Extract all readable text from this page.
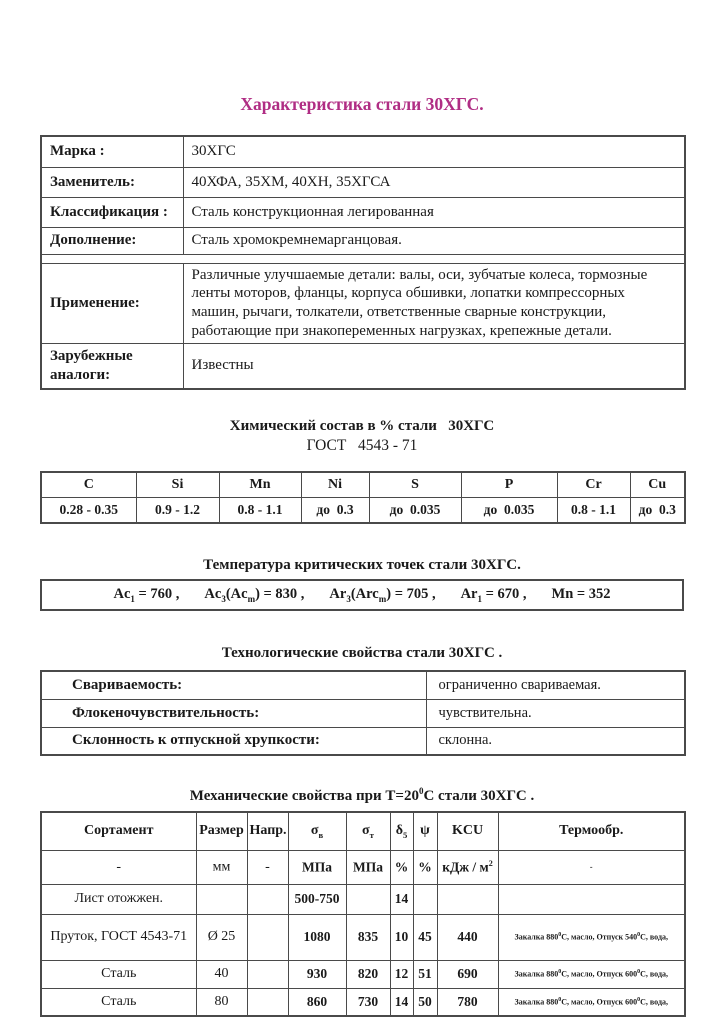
Характеристика стали 30ХГС.
Марка :	30ХГС
Заменитель:	40ХФА, 35ХМ, 40ХН, 35ХГСА
Классификация :	Сталь конструкционная легированная
Дополнение:	Сталь хромокремнемарганцовая.

Применение:	Различные улучшаемые детали: валы, оси, зубчатые колеса, тормозные ленты моторов, фланцы, корпуса обшивки, лопатки компрессорных машин, рычаги, толкатели, ответственные сварные конструкции, работающие при знакопеременных нагрузках, крепежные детали.
Зарубежные аналоги:	Известны
Химический состав в % стали   30ХГС
ГОСТ   4543 - 71
C	Si	Mn	Ni	S	P	Cr	Cu
0.28 - 0.35	0.9 - 1.2	0.8 - 1.1	до  0.3	до  0.035	до  0.035	0.8 - 1.1	до  0.3
Температура критических точек стали 30ХГС.
$Ac_1 = 760$ , $Ac_3(Ac_m) = 830$ , $Ar_3(Arc_m) = 705$ , $Ar_1 = 670$ , Mn = 352
Технологические свойства стали 30ХГС .
Свариваемость:	ограниченно свариваемая.
Флокеночувствительность:	чувствительна.
Склонность к отпускной хрупкости:	склонна.
Механические свойства при $Т=20^0С$ стали 30ХГС .
Сортамент	Размер	Напр.	$\sigma_в$	$\sigma_т$	$\delta_5$	ψ	KCU	Термообр.
-	мм	-	МПа	МПа	%	%	кДж / $м^2$	-
Лист отожжен.			500-750		14			
Пруток, ГОСТ 4543-71	Ø 25		1080	835	10	45	440	Закалка $880^0С$, масло, Отпуск $540^0С$, вода,
Сталь	40		930	820	12	51	690	Закалка $880^0С$, масло, Отпуск $600^0С$, вода,
Сталь	80		860	730	14	50	780	Закалка $880^0С$, масло, Отпуск $600^0С$, вода,
